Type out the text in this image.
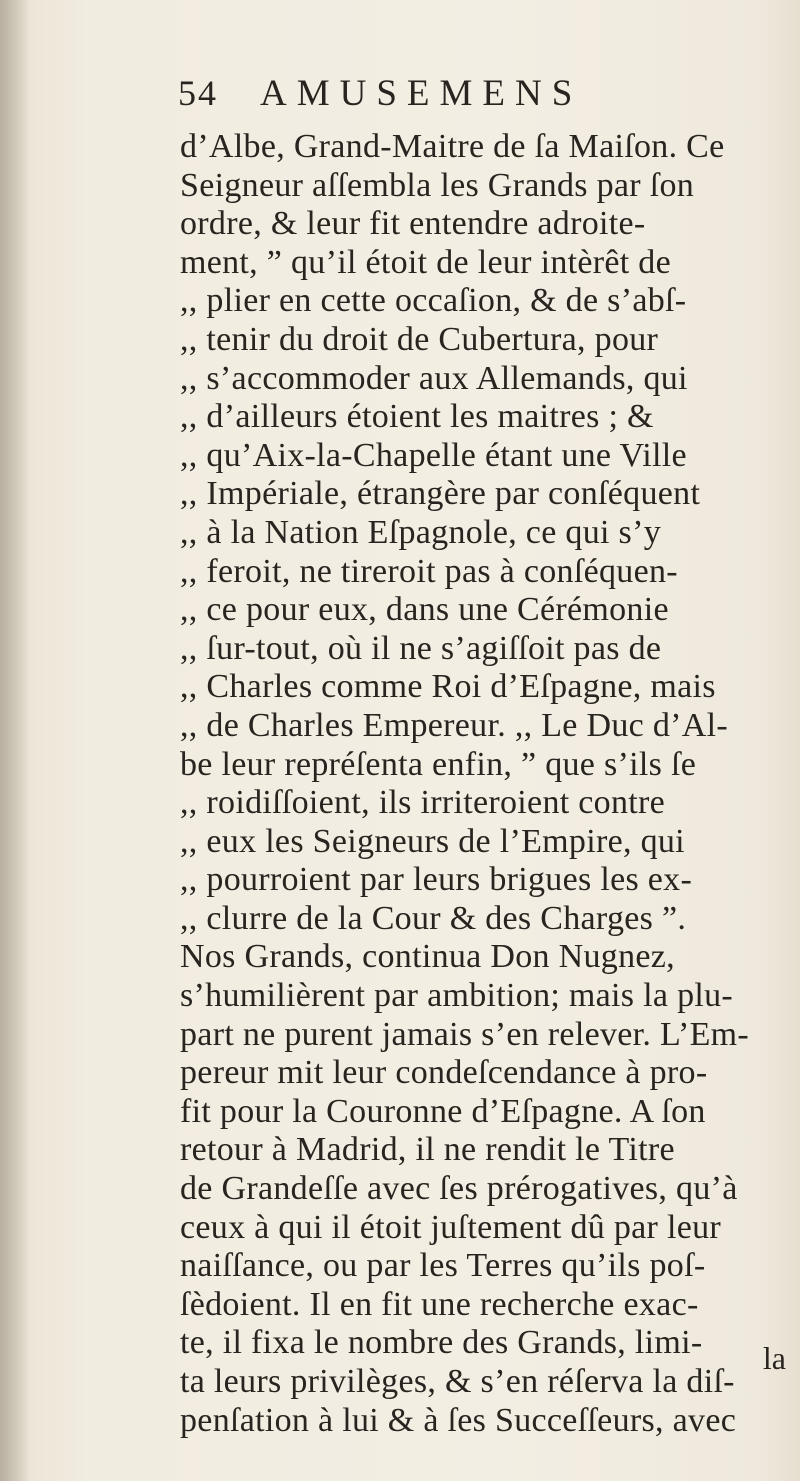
54 AMUSEMENS
d’Albe, Grand-Maitre de ſa Maiſon. Ce
Seigneur aſſembla les Grands par ſon
ordre, & leur fit entendre adroite-
ment, ” qu’il étoit de leur intèrêt de
,, plier en cette occaſion, & de s’abſ-
,, tenir du droit de Cubertura, pour
,, s’accommoder aux Allemands, qui
,, d’ailleurs étoient les maitres ; &
,, qu’Aix-la-Chapelle étant une Ville
,, Impériale, étrangère par conſéquent
,, à la Nation Eſpagnole, ce qui s’y
,, feroit, ne tireroit pas à conſéquen-
,, ce pour eux, dans une Cérémonie
,, ſur-tout, où il ne s’agiſſoit pas de
,, Charles comme Roi d’Eſpagne, mais
,, de Charles Empereur. ,, Le Duc d’Al-
be leur repréſenta enfin, ” que s’ils ſe
,, roidiſſoient, ils irriteroient contre
,, eux les Seigneurs de l’Empire, qui
,, pourroient par leurs brigues les ex-
,, clurre de la Cour & des Charges ”.
Nos Grands, continua Don Nugnez,
s’humilièrent par ambition; mais la plu-
part ne purent jamais s’en relever. L’Em-
pereur mit leur condeſcendance à pro-
fit pour la Couronne d’Eſpagne. A ſon
retour à Madrid, il ne rendit le Titre
de Grandeſſe avec ſes prérogatives, qu’à
ceux à qui il étoit juſtement dû par leur
naiſſance, ou par les Terres qu’ils poſ-
ſèdoient. Il en fit une recherche exac-
te, il fixa le nombre des Grands, limi-
ta leurs privilèges, & s’en réſerva la diſ-
penſation à lui & à ſes Succeſſeurs, avec
la
